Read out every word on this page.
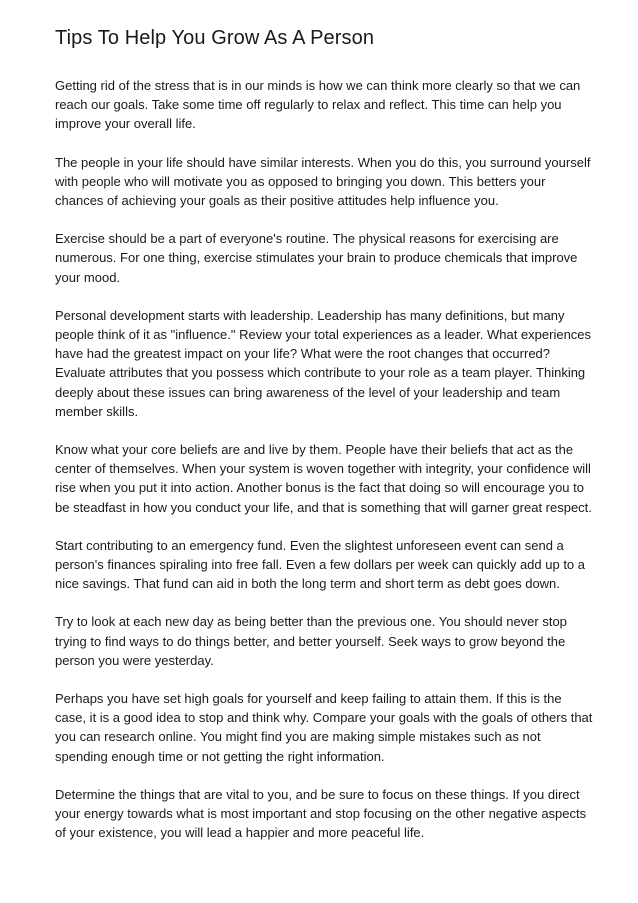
Tips To Help You Grow As A Person

Getting rid of the stress that is in our minds is how we can think more clearly so that we can reach our goals. Take some time off regularly to relax and reflect. This time can help you improve your overall life.

The people in your life should have similar interests. When you do this, you surround yourself with people who will motivate you as opposed to bringing you down. This betters your chances of achieving your goals as their positive attitudes help influence you.

Exercise should be a part of everyone's routine. The physical reasons for exercising are numerous. For one thing, exercise stimulates your brain to produce chemicals that improve your mood.

Personal development starts with leadership. Leadership has many definitions, but many people think of it as "influence." Review your total experiences as a leader. What experiences have had the greatest impact on your life? What were the root changes that occurred? Evaluate attributes that you possess which contribute to your role as a team player. Thinking deeply about these issues can bring awareness of the level of your leadership and team member skills.

Know what your core beliefs are and live by them. People have their beliefs that act as the center of themselves. When your system is woven together with integrity, your confidence will rise when you put it into action. Another bonus is the fact that doing so will encourage you to be steadfast in how you conduct your life, and that is something that will garner great respect.

Start contributing to an emergency fund. Even the slightest unforeseen event can send a person's finances spiraling into free fall. Even a few dollars per week can quickly add up to a nice savings. That fund can aid in both the long term and short term as debt goes down.

Try to look at each new day as being better than the previous one. You should never stop trying to find ways to do things better, and better yourself. Seek ways to grow beyond the person you were yesterday.

Perhaps you have set high goals for yourself and keep failing to attain them. If this is the case, it is a good idea to stop and think why. Compare your goals with the goals of others that you can research online. You might find you are making simple mistakes such as not spending enough time or not getting the right information.

Determine the things that are vital to you, and be sure to focus on these things. If you direct your energy towards what is most important and stop focusing on the other negative aspects of your existence, you will lead a happier and more peaceful life.
